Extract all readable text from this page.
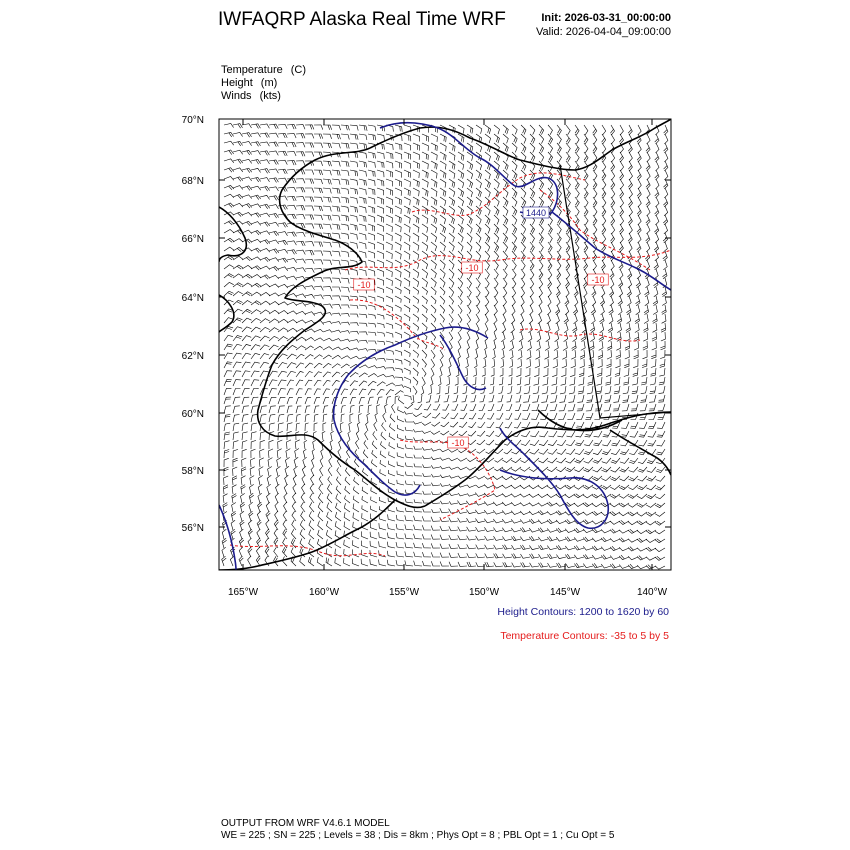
IWFAQRP Alaska Real Time WRF	Init: 2026-03-31_00:00:00
Valid: 2026-04-04_09:00:00
Temperature (C)
Height (m)
Winds (kts)
-10
-10
-10
-10
1440
70°N
68°N
66°N
64°N
62°N
60°N
58°N
56°N
165°W	160°W	155°W	150°W	145°W	140°W
Height Contours: 1200 to 1620 by 60
Temperature Contours: -35 to 5 by 5
OUTPUT FROM WRF V4.6.1 MODEL
WE = 225 ; SN = 225 ; Levels = 38 ; Dis = 8km ; Phys Opt = 8 ; PBL Opt = 1 ; Cu Opt = 5
